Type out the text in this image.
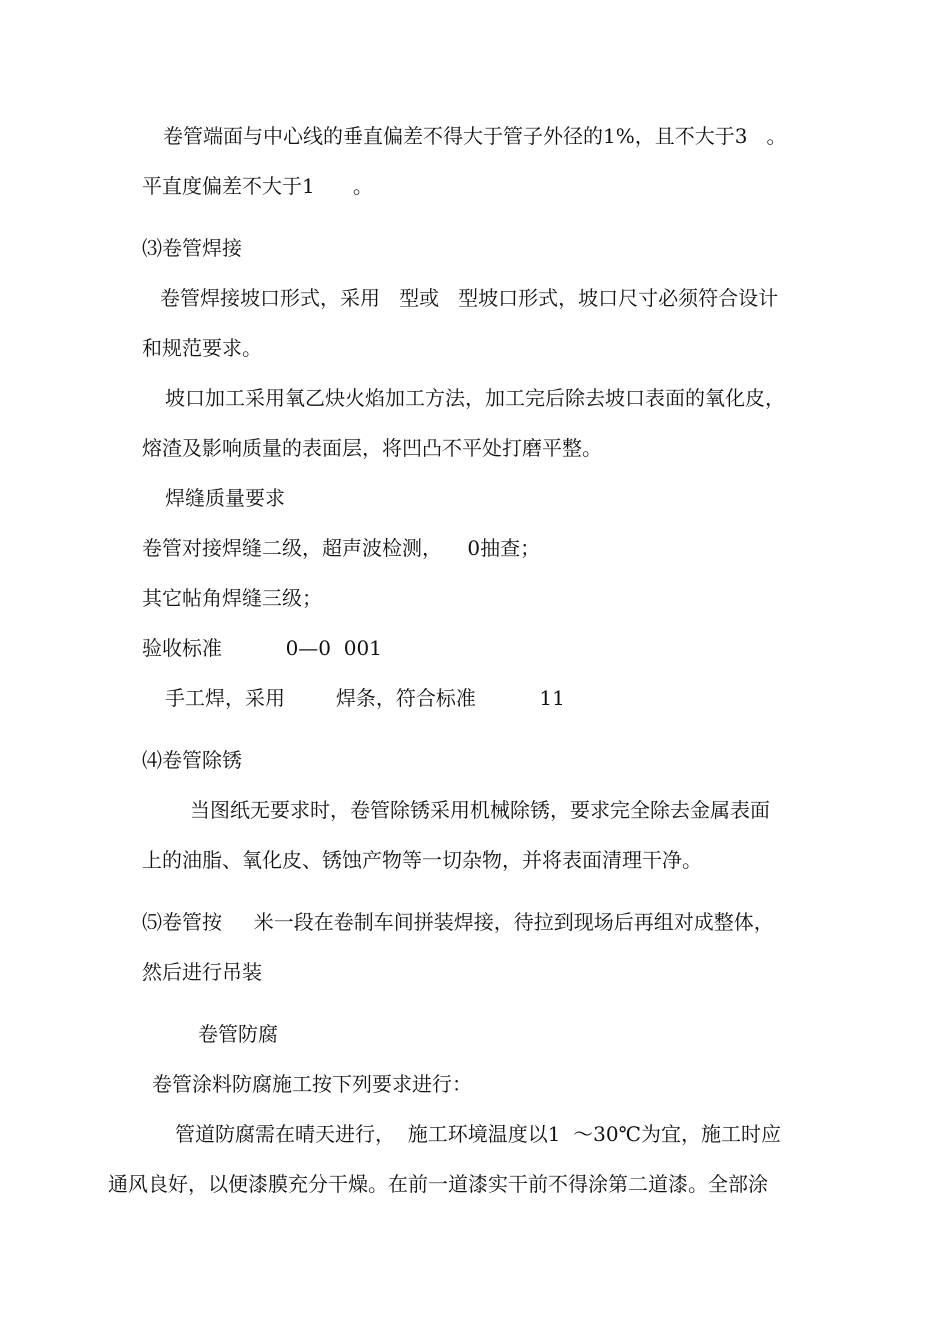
卷管端面与中心线的垂直偏差不得大于管子外径的1%，且不大于3   。
平直度偏差不大于1      。
⑶卷管焊接
卷管焊接坡口形式，采用   型或   型坡口形式，坡口尺寸必须符合设计
和规范要求。
坡口加工采用氧乙炔火焰加工方法，加工完后除去坡口表面的氧化皮，
熔渣及影响质量的表面层，将凹凸不平处打磨平整。
焊缝质量要求
卷管对接焊缝二级，超声波检测，    0抽查；
其它帖角焊缝三级；
验收标准          0—0  001
手工焊，采用        焊条，符合标准          11
⑷卷管除锈
当图纸无要求时，卷管除锈采用机械除锈，要求完全除去金属表面
上的油脂、氧化皮、锈蚀产物等一切杂物，并将表面清理干净。
⑸卷管按     米一段在卷制车间拼装焊接，待拉到现场后再组对成整体，
然后进行吊装
卷管防腐
卷管涂料防腐施工按下列要求进行：
管道防腐需在晴天进行，  施工环境温度以1  ～30℃为宜，施工时应
通风良好，以便漆膜充分干燥。在前一道漆实干前不得涂第二道漆。全部涂
